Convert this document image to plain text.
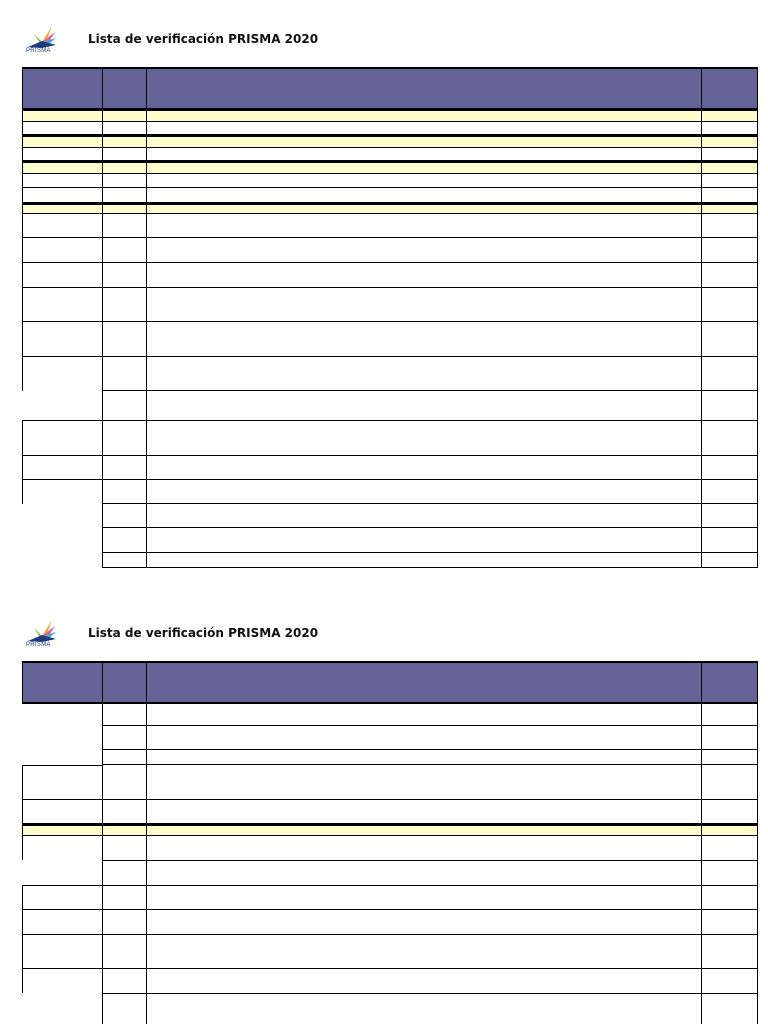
PRISMA
Lista de verificación PRISMA 2020
PRISMA
Lista de verificación PRISMA 2020
